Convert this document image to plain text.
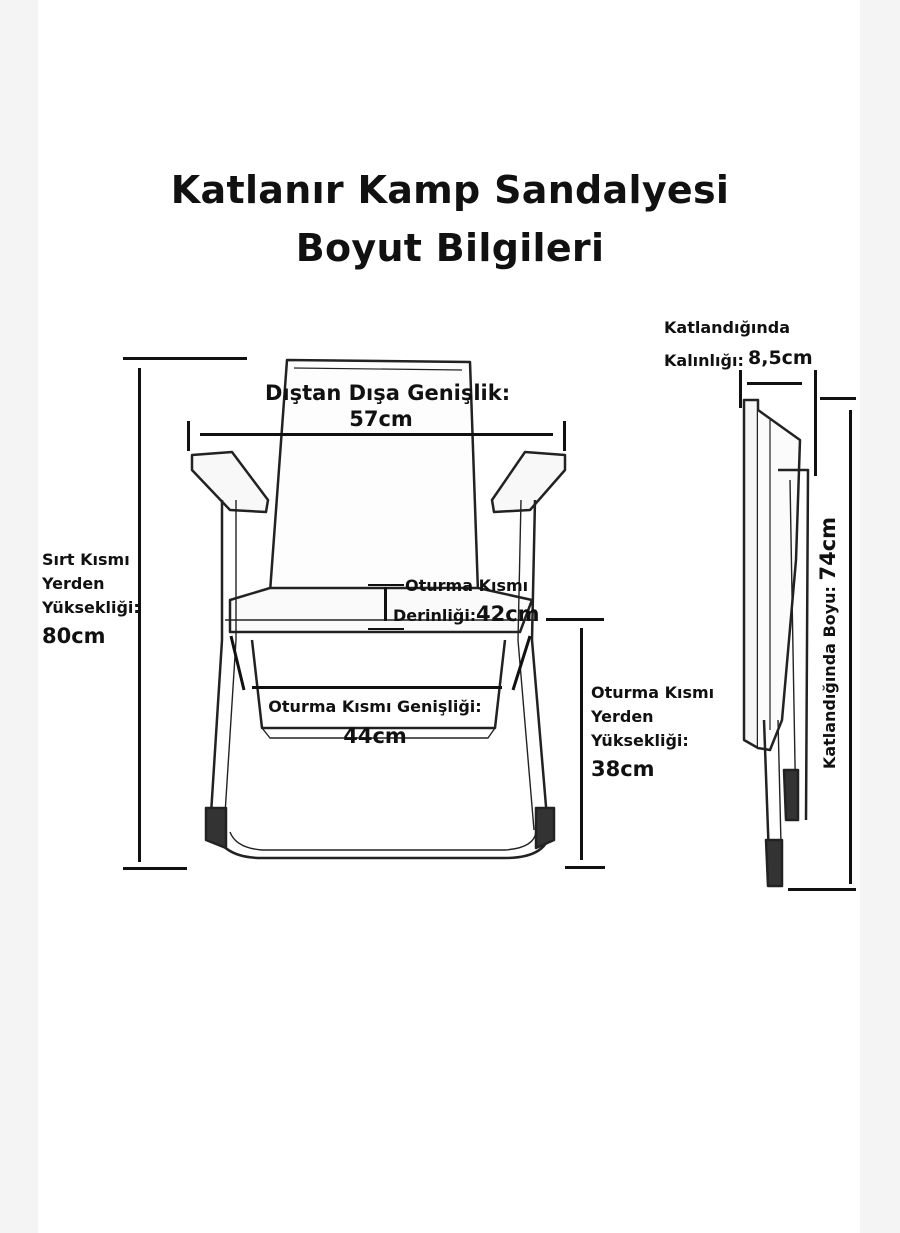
Katlanır Kamp Sandalyesi
Boyut Bilgileri
Dıştan Dışa Genişlik:
57cm
Sırt Kısmı
Yerden
Yüksekliği:
80cm
Oturma Kısmı
Derinliği: 42cm
Oturma Kısmı Genişliği:
44cm
Oturma Kısmı
Yerden
Yüksekliği:
38cm
Katlandığında
Kalınlığı: 8,5cm
Katlandığında Boyu: 74cm
